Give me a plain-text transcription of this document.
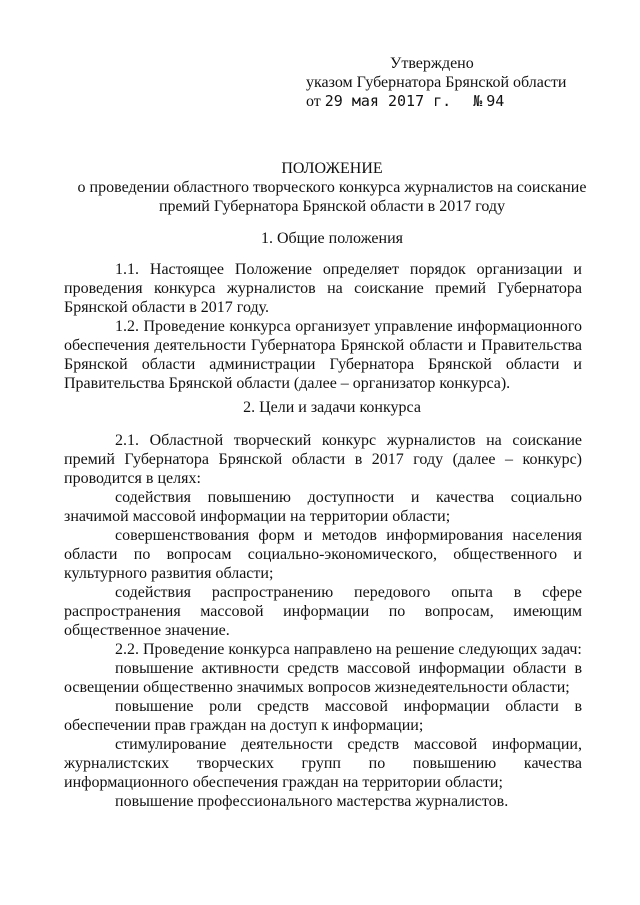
Утверждено
указом Губернатора Брянской области
от 29 мая 2017 г. № 94
ПОЛОЖЕНИЕ
о проведении областного творческого конкурса журналистов на соискание
премий Губернатора Брянской области в 2017 году
1. Общие положения

1.1. Настоящее Положение определяет порядок организации и проведения конкурса журналистов на соискание премий Губернатора Брянской области в 2017 году.

1.2. Проведение конкурса организует управление информационного обеспечения деятельности Губернатора Брянской области и Правительства Брянской области администрации Губернатора Брянской области и Правительства Брянской области (далее – организатор конкурса).

2. Цели и задачи конкурса

2.1. Областной творческий конкурс журналистов на соискание премий Губернатора Брянской области в 2017 году (далее – конкурс) проводится в целях:

содействия повышению доступности и качества социально значимой массовой информации на территории области;

совершенствования форм и методов информирования населения области по вопросам социально-экономического, общественного и культурного развития области;

содействия распространению передового опыта в сфере распространения массовой информации по вопросам, имеющим общественное значение.

2.2. Проведение конкурса направлено на решение следующих задач:

повышение активности средств массовой информации области в освещении общественно значимых вопросов жизнедеятельности области;

повышение роли средств массовой информации области в обеспечении прав граждан на доступ к информации;

стимулирование деятельности средств массовой информации, журналистских творческих групп по повышению качества информационного обеспечения граждан на территории области;

повышение профессионального мастерства журналистов.
